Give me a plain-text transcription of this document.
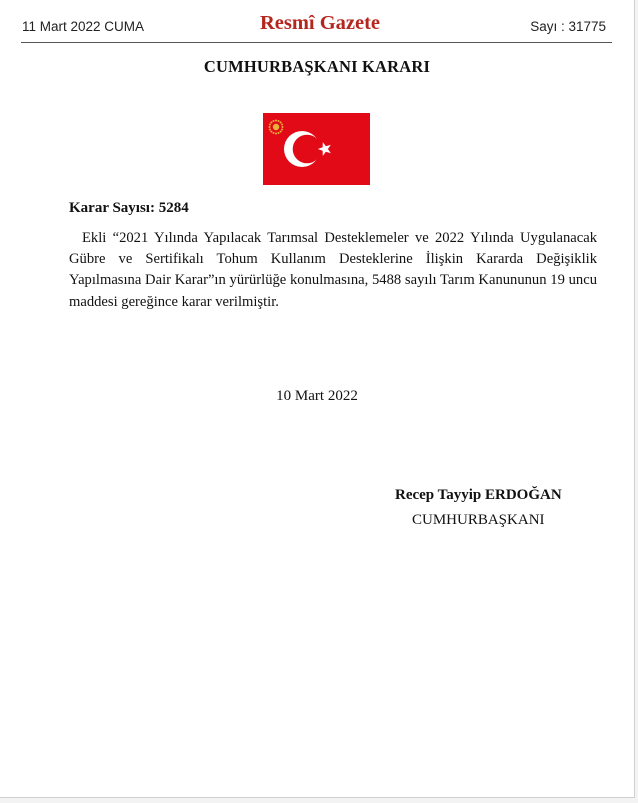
11 Mart 2022 CUMA	Resmî Gazete	Sayı : 31775
CUMHURBAŞKANI KARARI
Karar Sayısı: 5284
Ekli “2021 Yılında Yapılacak Tarımsal Desteklemeler ve 2022 Yılında Uygulanacak Gübre ve Sertifikalı Tohum Kullanım Desteklerine İlişkin Kararda Değişiklik Yapılmasına Dair Karar”ın yürürlüğe konulmasına, 5488 sayılı Tarım Kanununun 19 uncu maddesi gereğince karar verilmiştir.
10 Mart 2022
Recep Tayyip ERDOĞAN
CUMHURBAŞKANI
